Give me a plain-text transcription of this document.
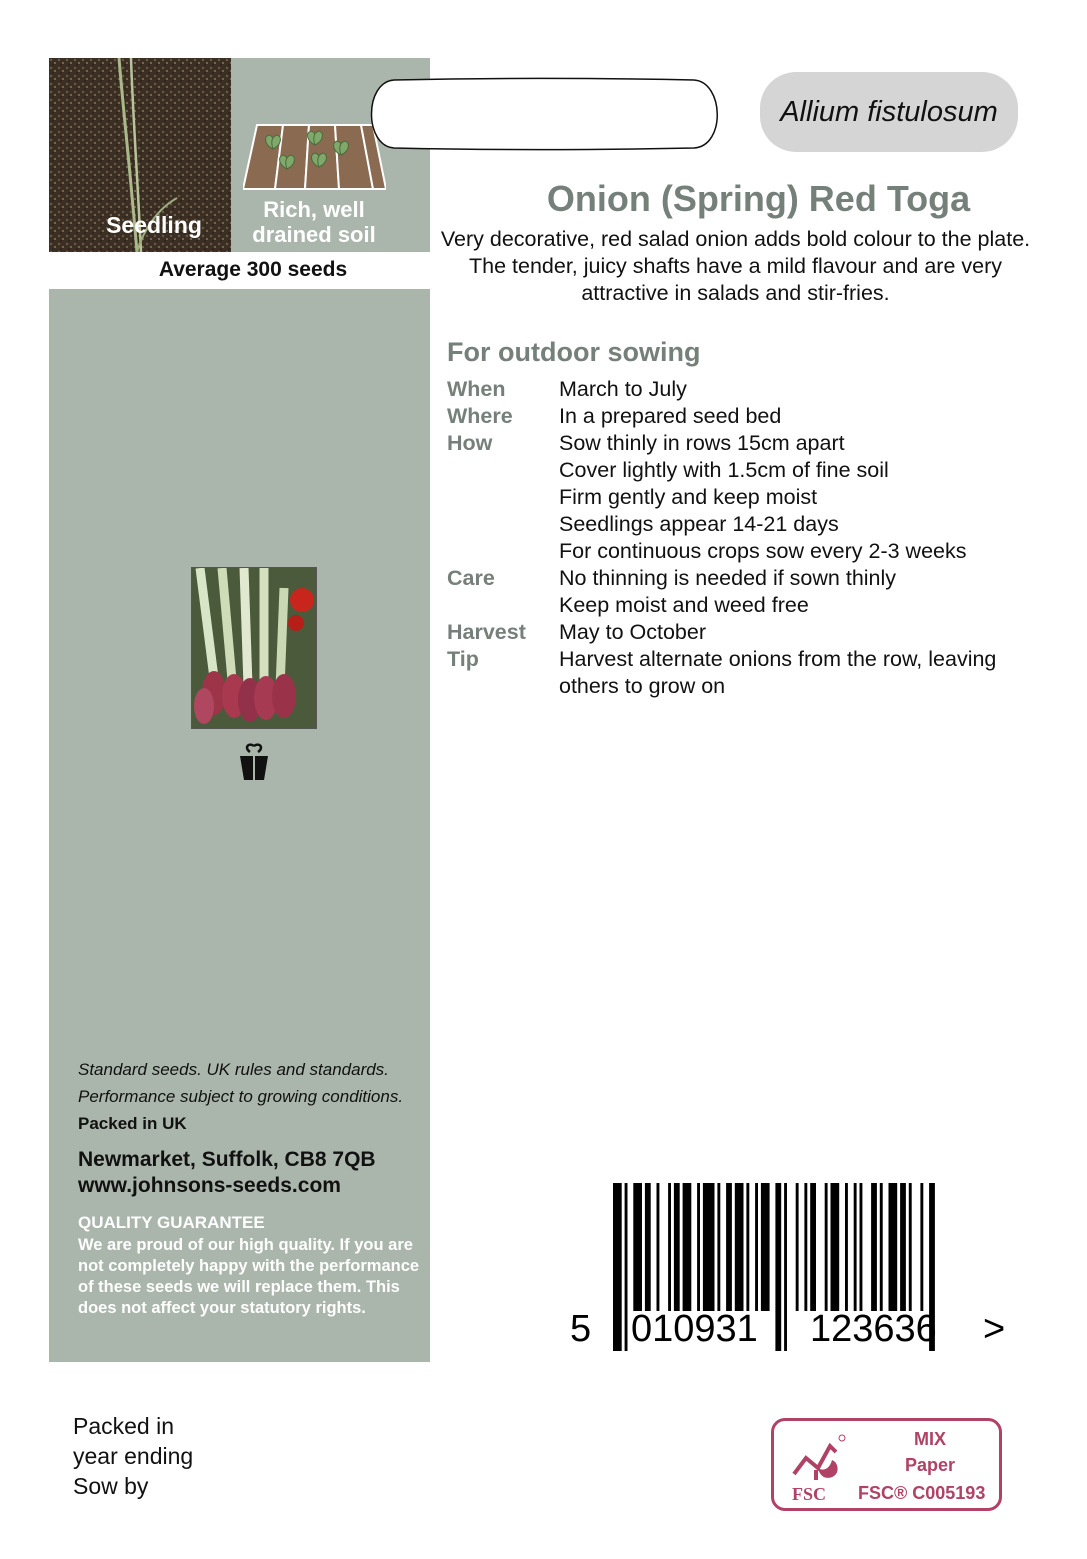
Seedling
Rich, well
drained soil
Average 300 seeds
Standard seeds. UK rules and standards.
Performance subject to growing conditions.
Packed in UK
Newmarket, Suffolk, CB8 7QB
www.johnsons-seeds.com
QUALITY GUARANTEE
We are proud of our high quality. If you are not completely happy with the performance of these seeds we will replace them. This does not affect your statutory rights.
Allium fistulosum
Onion (Spring) Red Toga
Very decorative, red salad onion adds bold colour to the plate. The tender, juicy shafts have a mild flavour and are very attractive in salads and stir-fries.
For outdoor sowing
When	March to July

Where	In a prepared seed bed

How	Sow thinly in rows 15cm apart
Cover lightly with 1.5cm of fine soil
Firm gently and keep moist
Seedlings appear 14-21 days
For continuous crops sow every 2-3 weeks

Care	No thinning is needed if sown thinly
Keep moist and weed free

Harvest	May to October

Tip	Harvest alternate onions from the row, leaving others to grow on
5 010931 123636 >
Packed in
year ending
Sow by	FSC
MIX
Paper
FSC® C005193
